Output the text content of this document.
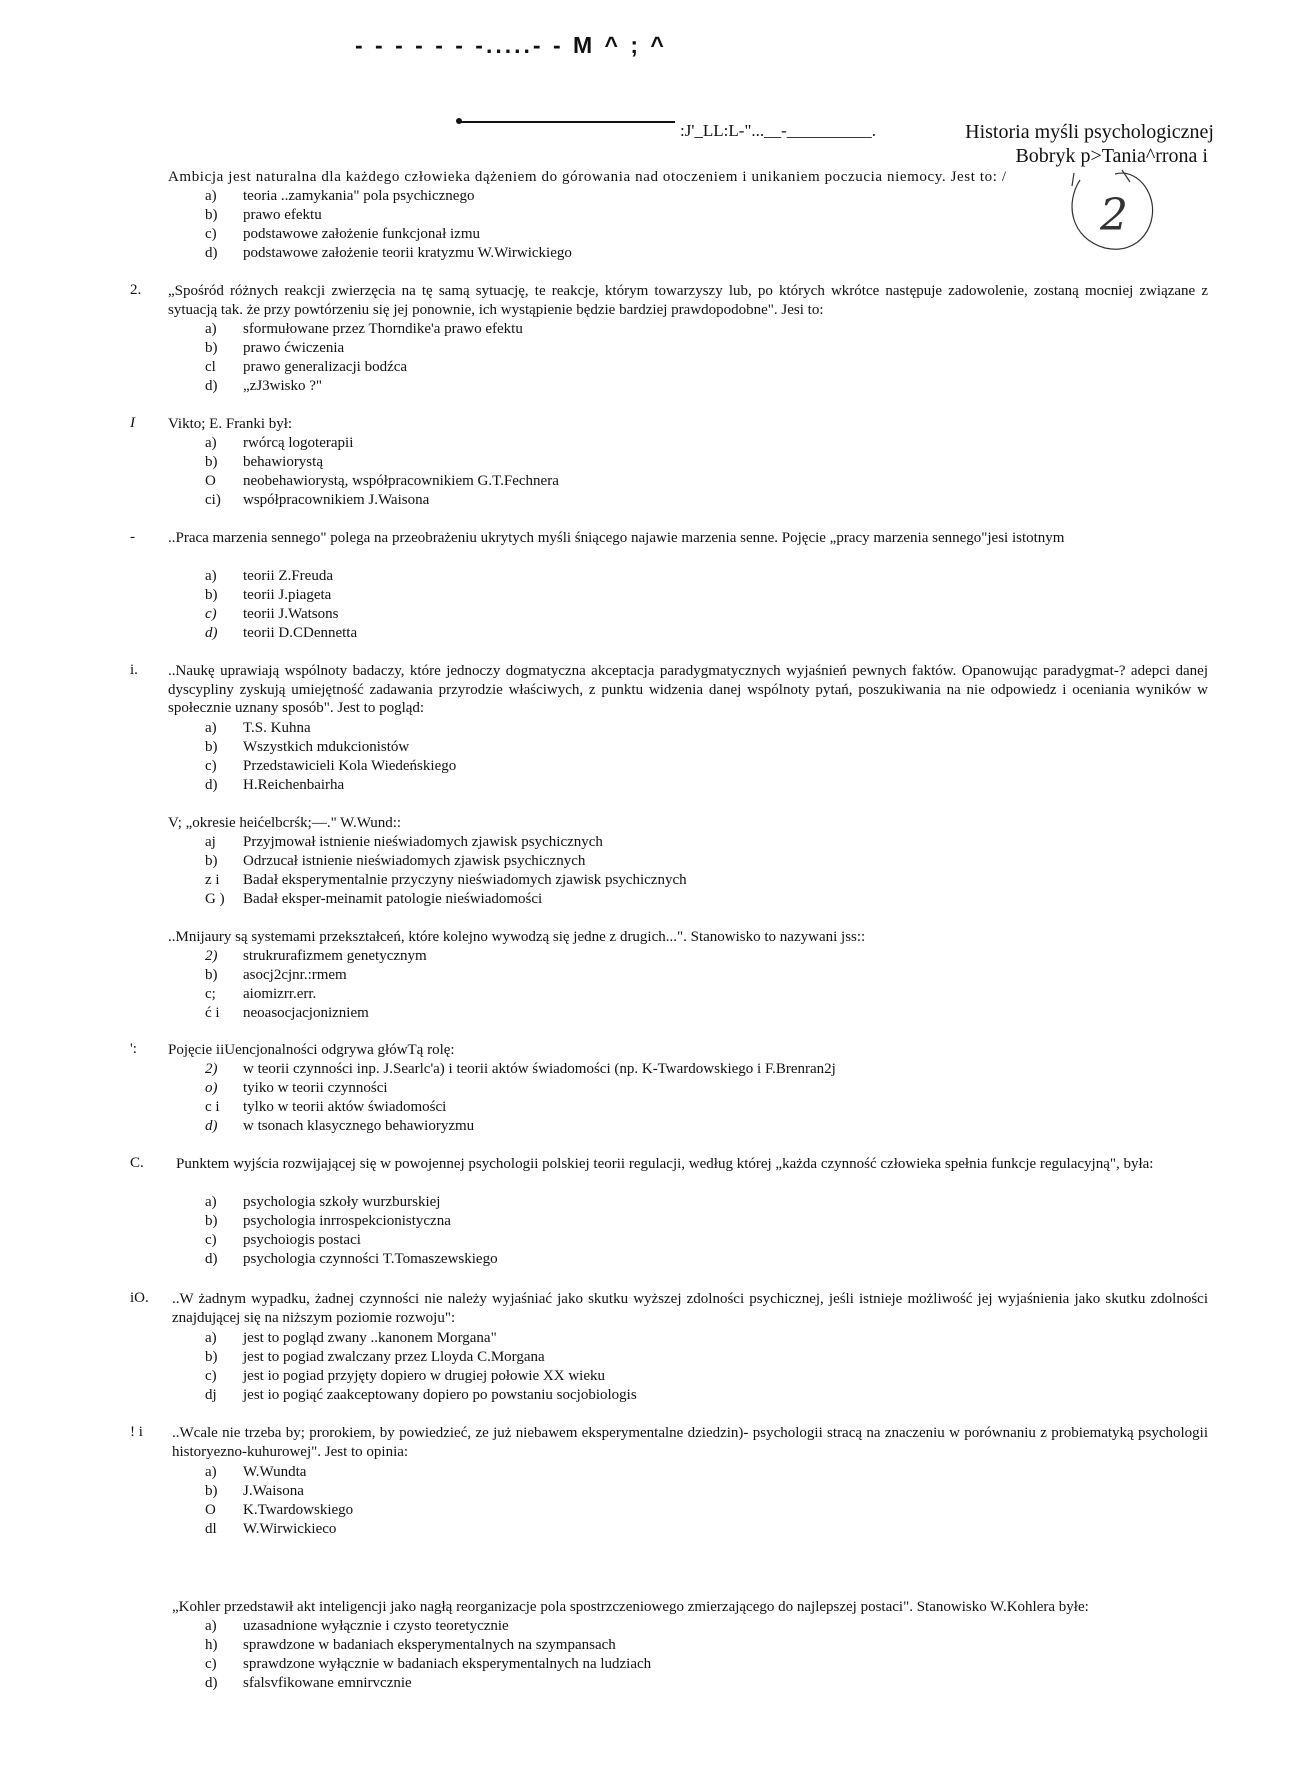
- - - - - - -.....- - M ^ ; ^
:J'_LL:L-"...__-__________.	Historia myśli psychologicznej
Bobryk p>Tania^rrona i
2
Ambicja jest naturalna dla każdego człowieka dążeniem do górowania nad otoczeniem i unikaniem poczucia niemocy. Jest to: /
a) teoria ..zamykania" pola psychicznego
b) prawo efektu
c) podstawowe założenie funkcjonał izmu
d) podstawowe założenie teorii kratyzmu W.Wirwickiego
2.	„Spośród różnych reakcji zwierzęcia na tę samą sytuację, te reakcje, którym towarzyszy lub, po których wkrótce następuje zadowolenie, zostaną mocniej związane z sytuacją tak. że przy powtórzeniu się jej ponownie, ich wystąpienie będzie bardziej prawdopodobne". Jesi to:
a) sformułowane przez Thorndike'a prawo efektu
b) prawo ćwiczenia
cl prawo generalizacji bodźca
d) „zJ3wisko ?"
I	Vikto; E. Franki był:
a) rwórcą logoterapii
b) behawiorystą
O neobehawiorystą, współpracownikiem G.T.Fechnera
ci) współpracownikiem J.Waisona
-	..Praca marzenia sennego" polega na przeobrażeniu ukrytych myśli śniącego najawie marzenia senne. Pojęcie „pracy marzenia sennego"jesi istotnym
a) teorii Z.Freuda
b) teorii J.piageta
c) teorii J.Watsons
d) teorii D.CDennetta
i.	..Naukę uprawiają wspólnoty badaczy, które jednoczy dogmatyczna akceptacja paradygmatycznych wyjaśnień pewnych faktów. Opanowując paradygmat-? adepci danej dyscypliny zyskują umiejętność zadawania przyrodzie właściwych, z punktu widzenia danej wspólnoty pytań, poszukiwania na nie odpowiedz i oceniania wyników w społecznie uznany sposób". Jest to pogląd:
a) T.S. Kuhna
b) Wszystkich mdukcionistów
c) Przedstawicieli Kola Wiedeńskiego
d) H.Reichenbairha
V; „okresie heićelbcrśk;—." W.Wund::
aj Przyjmował istnienie nieświadomych zjawisk psychicznych
b) Odrzucał istnienie nieświadomych zjawisk psychicznych
z i Badał eksperymentalnie przyczyny nieświadomych zjawisk psychicznych
G ) Badał eksper-meinamit patologie nieświadomości
..Mnijaury są systemami przekształceń, które kolejno wywodzą się jedne z drugich...". Stanowisko to nazywani jss::
2) strukrurafizmem genetycznym
b) asocj2cjnr.:rmem
c; aiomizrr.err.
ć i neoasocjacjonizniem
':	Pojęcie iiUencjonalności odgrywa główTą rolę:
2) w teorii czynności inp. J.Searlc'a) i teorii aktów świadomości (np. K-Twardowskiego i F.Brenran2j
o) tyiko w teorii czynności
c i tylko w teorii aktów świadomości
d) w tsonach klasycznego behawioryzmu
C.	Punktem wyjścia rozwijającej się w powojennej psychologii polskiej teorii regulacji, według której „każda czynność człowieka spełnia funkcje regulacyjną", była:
a) psychologia szkoły wurzburskiej
b) psychologia inrrospekcionistyczna
c) psychoiogis postaci
d) psychologia czynności T.Tomaszewskiego
iO.	..W żadnym wypadku, żadnej czynności nie należy wyjaśniać jako skutku wyższej zdolności psychicznej, jeśli istnieje możliwość jej wyjaśnienia jako skutku zdolności znajdującej się na niższym poziomie rozwoju":
a) jest to pogląd zwany ..kanonem Morgana"
b) jest to pogiad zwalczany przez Lloyda C.Morgana
c) jest io pogiad przyjęty dopiero w drugiej połowie XX wieku
dj jest io pogiąć zaakceptowany dopiero po powstaniu socjobiologis
! i	..Wcale nie trzeba by; prorokiem, by powiedzieć, ze już niebawem eksperymentalne dziedzin)- psychologii stracą na znaczeniu w porównaniu z probiematyką psychologii historyezno-kuhurowej". Jest to opinia:
a) W.Wundta
b) J.Waisona
O K.Twardowskiego
dl W.Wirwickieco
„Kohler przedstawił akt inteligencji jako nagłą reorganizacje pola spostrzczeniowego zmierzającego do najlepszej postaci". Stanowisko W.Kohlera byłe:
a) uzasadnione wyłącznie i czysto teoretycznie
h) sprawdzone w badaniach eksperymentalnych na szympansach
c) sprawdzone wyłącznie w badaniach eksperymentalnych na ludziach
d) sfalsvfikowane emnirvcznie
